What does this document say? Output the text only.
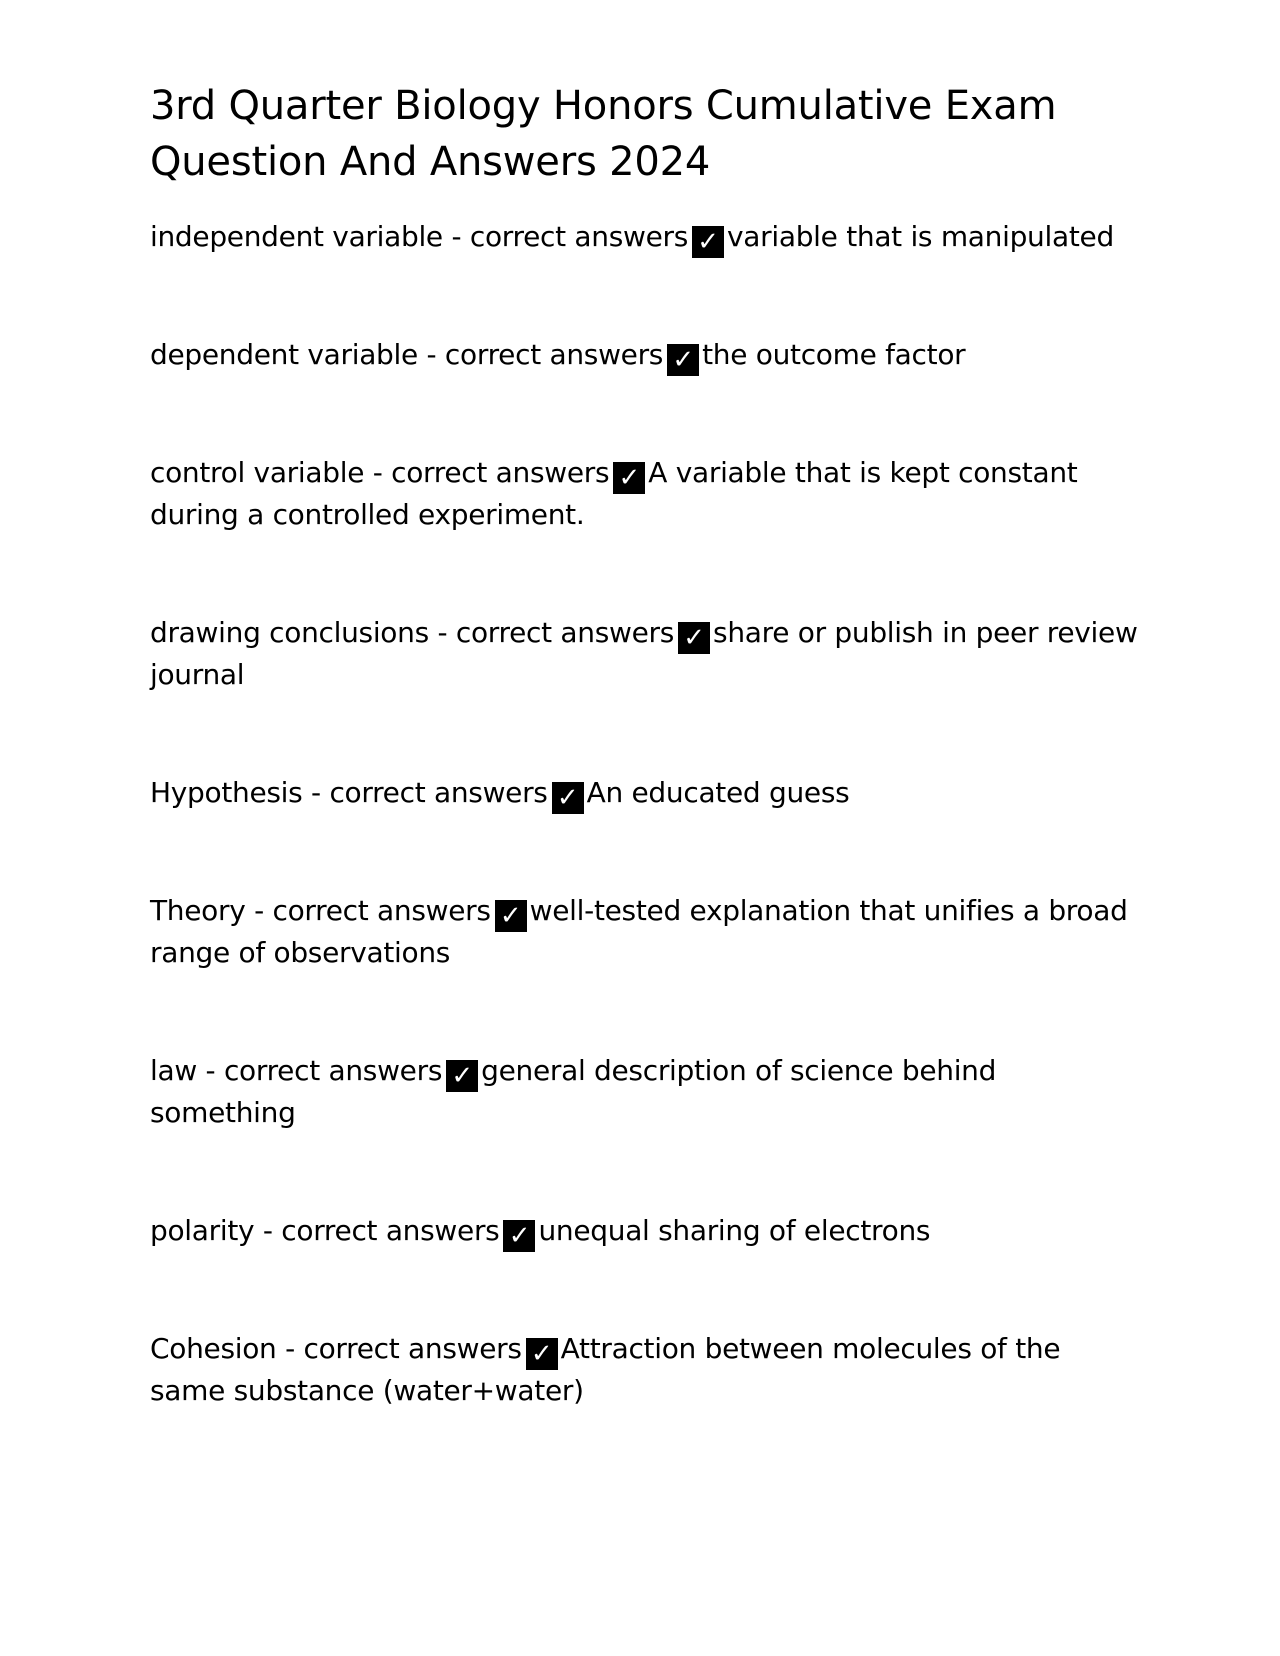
3rd Quarter Biology Honors Cumulative Exam Question And Answers 2024
independent variable - correct answers ✓ variable that is manipulated
dependent variable - correct answers ✓ the outcome factor
control variable - correct answers ✓ A variable that is kept constant during a controlled experiment.
drawing conclusions - correct answers ✓ share or publish in peer review journal
Hypothesis - correct answers ✓ An educated guess
Theory - correct answers ✓ well-tested explanation that unifies a broad range of observations
law - correct answers ✓ general description of science behind something
polarity - correct answers ✓ unequal sharing of electrons
Cohesion - correct answers ✓ Attraction between molecules of the same substance (water+water)
